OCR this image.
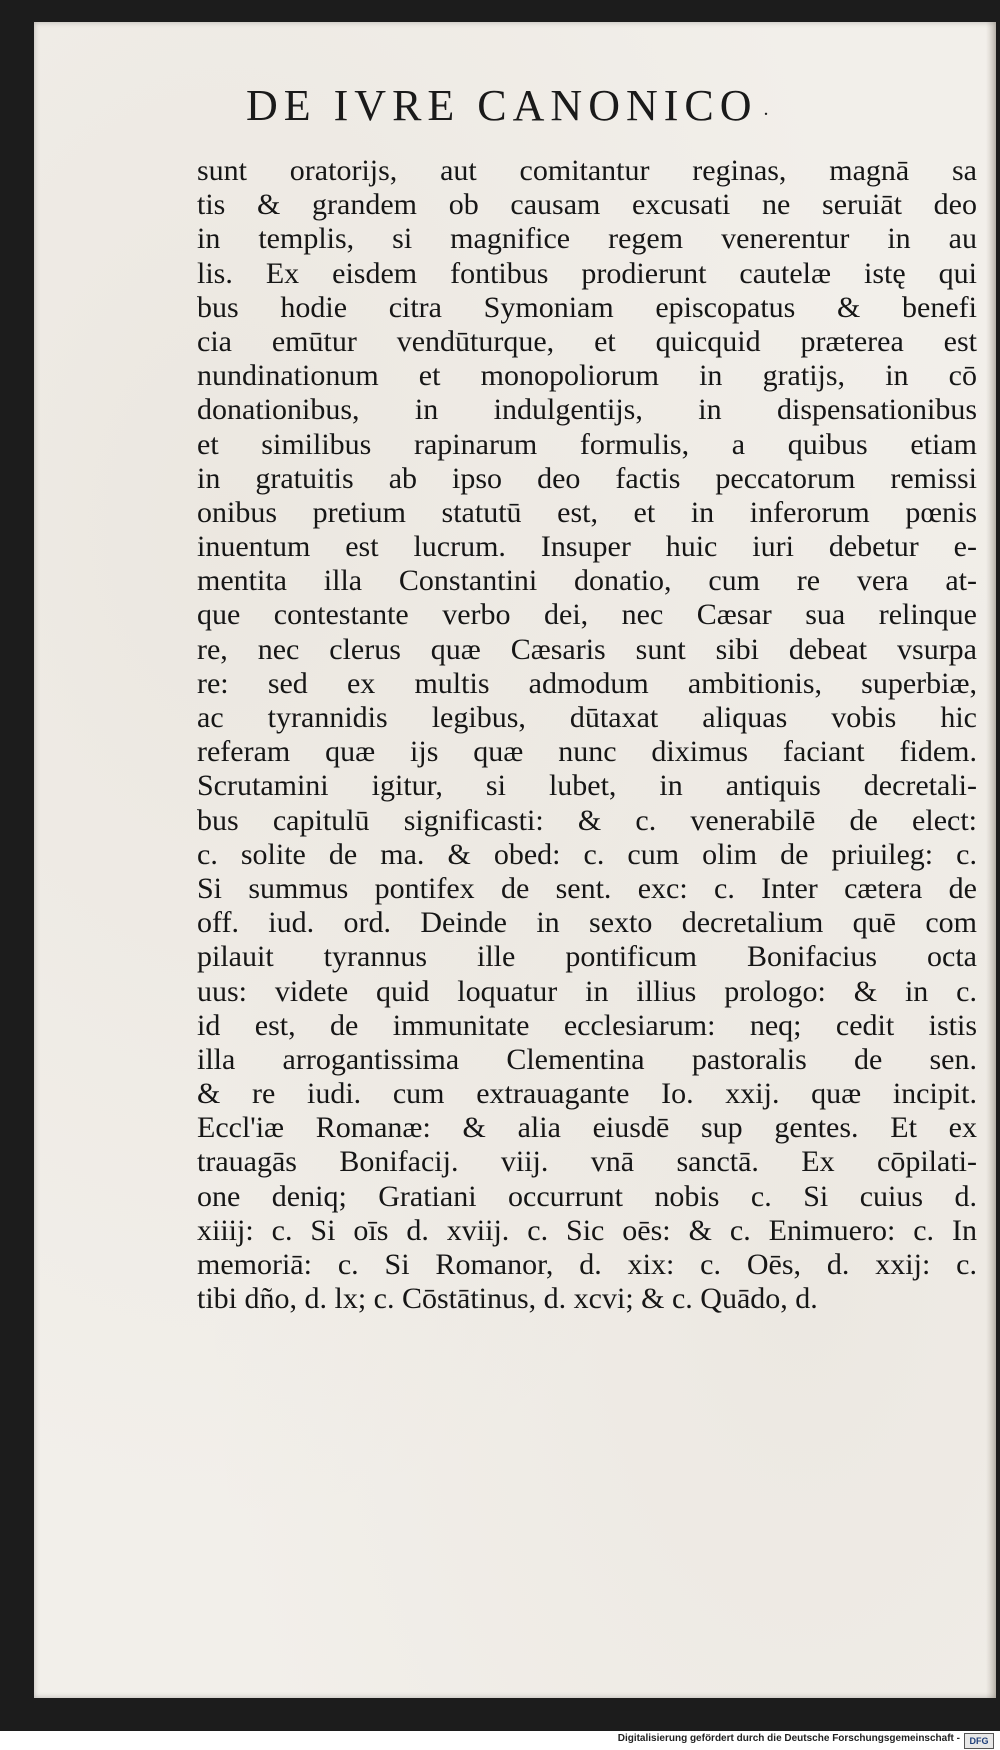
DE IVRE CANONICO .
sunt oratorijs, aut comitantur reginas, magnā sa
tis & grandem ob causam excusati ne seruiāt deo
in templis, si magnifice regem venerentur in au
lis. Ex eisdem fontibus prodierunt cautelæ istę qui
bus hodie citra Symoniam episcopatus & benefi
cia emūtur vendūturque, et quicquid præterea est
nundinationum et monopoliorum in gratijs, in cō
donationibus, in indulgentijs, in dispensationibus
et similibus rapinarum formulis, a quibus etiam
in gratuitis ab ipso deo factis peccatorum remissi
onibus pretium statutū est, et in inferorum pœnis
inuentum est lucrum. Insuper huic iuri debetur e-
mentita illa Constantini donatio, cum re vera at-
que contestante verbo dei, nec Cæsar sua relinque
re, nec clerus quæ Cæsaris sunt sibi debeat vsurpa
re: sed ex multis admodum ambitionis, superbiæ,
ac tyrannidis legibus, dūtaxat aliquas vobis hic
referam quæ ijs quæ nunc diximus faciant fidem.
Scrutamini igitur, si lubet, in antiquis decretali-
bus capitulū significasti: & c. venerabilē de elect:
c. solite de ma. & obed: c. cum olim de priuileg: c.
Si summus pontifex de sent. exc: c. Inter cætera de
off. iud. ord. Deinde in sexto decretalium quē com
pilauit tyrannus ille pontificum Bonifacius octa
uus: videte quid loquatur in illius prologo: & in c.
id est, de immunitate ecclesiarum: neq; cedit istis
illa arrogantissima Clementina pastoralis de sen.
& re iudi. cum extrauagante Io. xxij. quæ incipit.
Eccl'iæ Romanæ: & alia eiusdē sup gentes. Et ex
trauagās Bonifacij. viij. vnā sanctā. Ex cōpilati-
one deniq; Gratiani occurrunt nobis c. Si cuius d.
xiiij: c. Si oīs d. xviij. c. Sic oēs: & c. Enimuero: c. In
memoriā: c. Si Romanor, d. xix: c. Oēs, d. xxij: c.
tibi dño, d. lx; c. Cōstātinus, d. xcvi; & c. Quādo, d.
Digitalisierung gefördert durch die Deutsche Forschungsgemeinschaft -	DFG
